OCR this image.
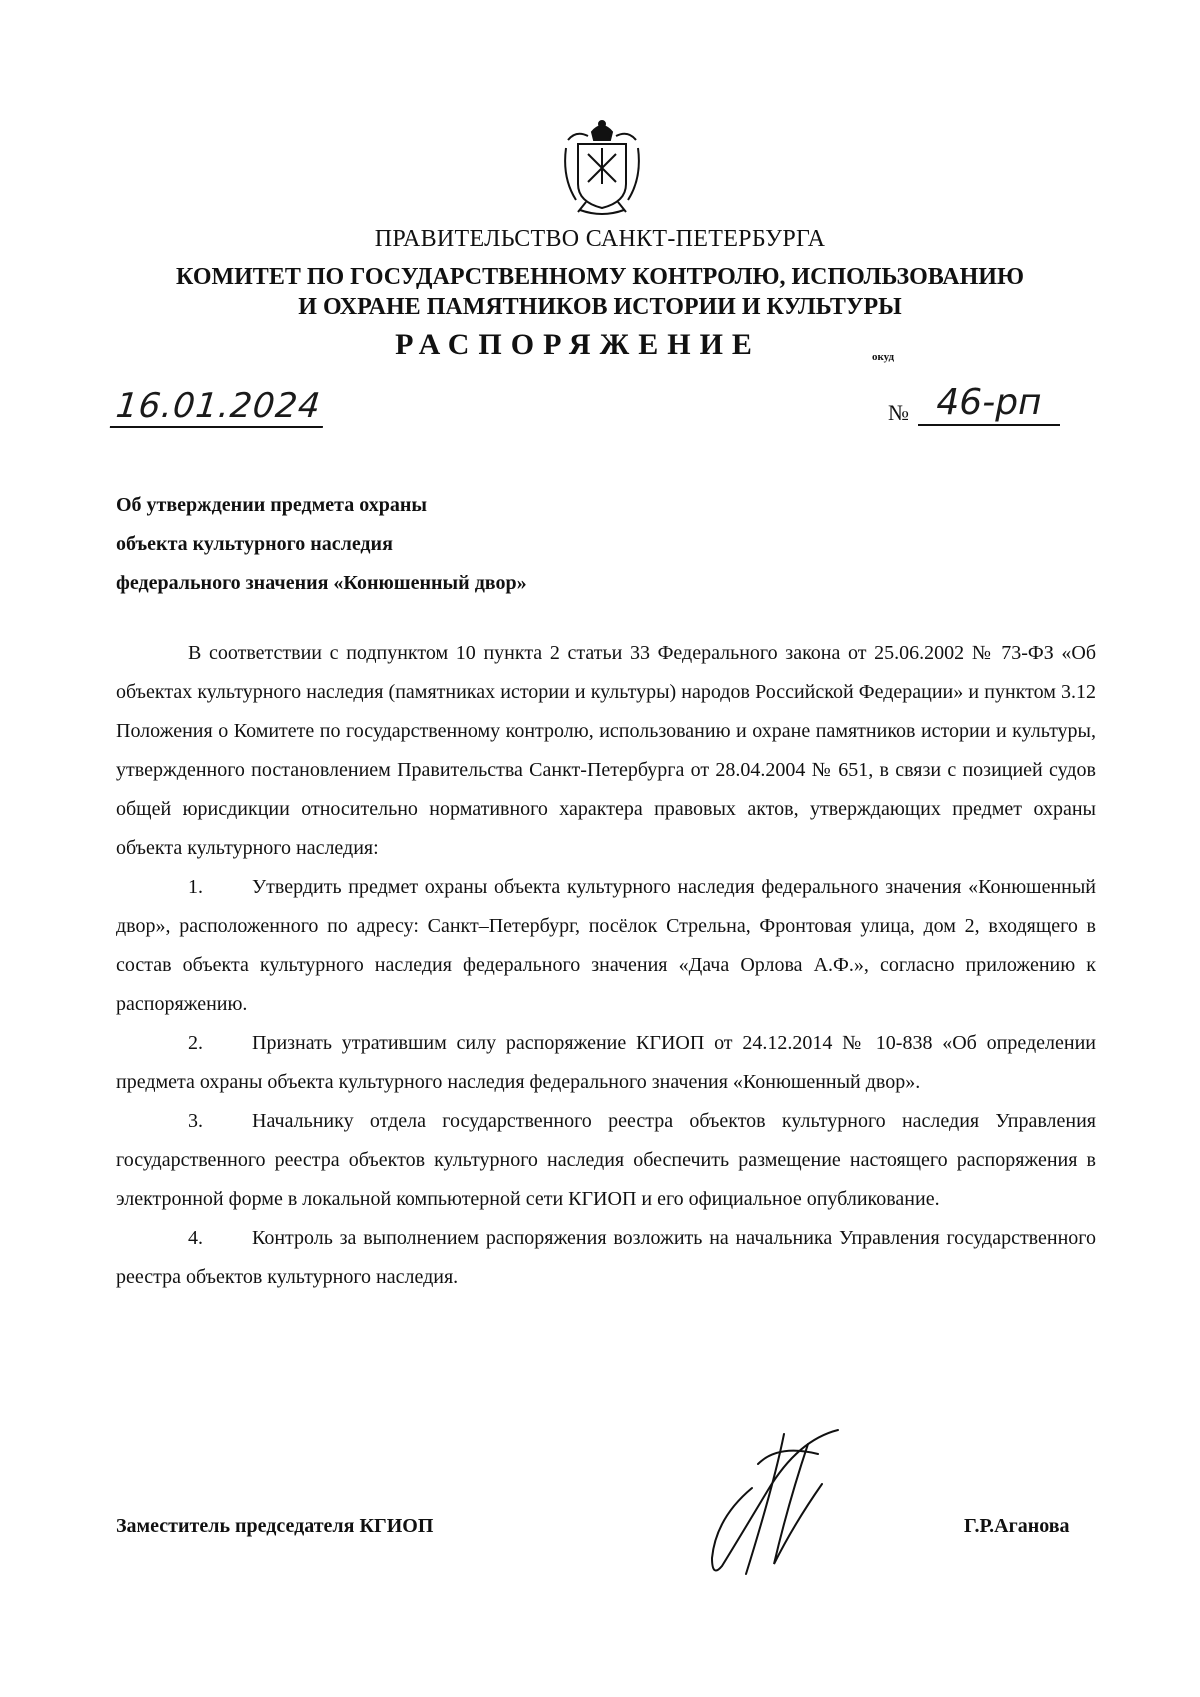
ПРАВИТЕЛЬСТВО САНКТ-ПЕТЕРБУРГА
КОМИТЕТ ПО ГОСУДАРСТВЕННОМУ КОНТРОЛЮ, ИСПОЛЬЗОВАНИЮ
И ОХРАНЕ ПАМЯТНИКОВ ИСТОРИИ И КУЛЬТУРЫ
РАСПОРЯЖЕНИЕ	окуд
16.01.2024	№ 46-рп
Об утверждении предмета охраны
объекта культурного наследия
федерального значения «Конюшенный двор»

В соответствии с подпунктом 10 пункта 2 статьи 33 Федерального закона от 25.06.2002 № 73-ФЗ «Об объектах культурного наследия (памятниках истории и культуры) народов Российской Федерации» и пунктом 3.12 Положения о Комитете по государственному контролю, использованию и охране памятников истории и культуры, утвержденного постановлением Правительства Санкт-Петербурга от 28.04.2004 № 651, в связи с позицией судов общей юрисдикции относительно нормативного характера правовых актов, утверждающих предмет охраны объекта культурного наследия:

1. Утвердить предмет охраны объекта культурного наследия федерального значения «Конюшенный двор», расположенного по адресу: Санкт–Петербург, посёлок Стрельна, Фронтовая улица, дом 2, входящего в состав объекта культурного наследия федерального значения «Дача Орлова А.Ф.», согласно приложению к распоряжению.

2. Признать утратившим силу распоряжение КГИОП от 24.12.2014 № 10-838 «Об определении предмета охраны объекта культурного наследия федерального значения «Конюшенный двор».

3. Начальнику отдела государственного реестра объектов культурного наследия Управления государственного реестра объектов культурного наследия обеспечить размещение настоящего распоряжения в электронной форме в локальной компьютерной сети КГИОП и его официальное опубликование.

4. Контроль за выполнением распоряжения возложить на начальника Управления государственного реестра объектов культурного наследия.

Заместитель председателя КГИОП	Г.Р.Аганова
